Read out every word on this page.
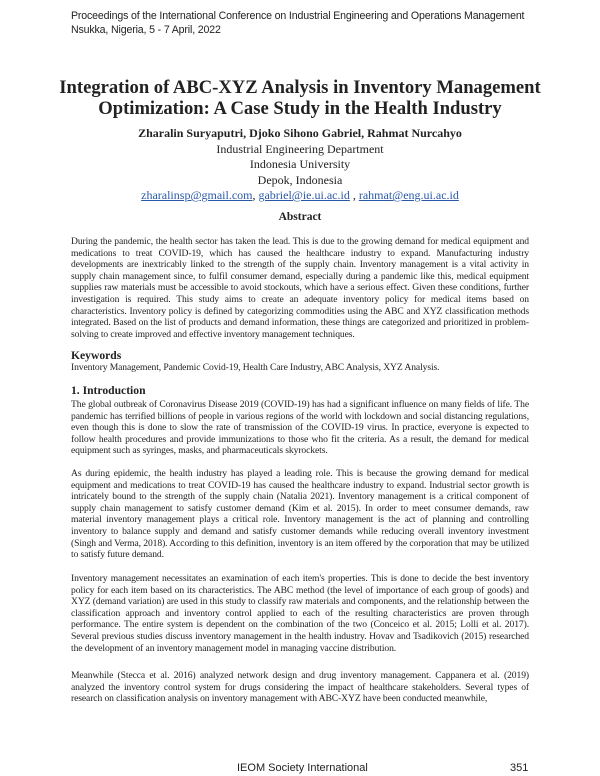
Proceedings of the International Conference on Industrial Engineering and Operations Management
Nsukka, Nigeria, 5 - 7 April, 2022
Integration of ABC-XYZ Analysis in Inventory Management
Optimization: A Case Study in the Health Industry
Zharalin Suryaputri, Djoko Sihono Gabriel, Rahmat Nurcahyo
Industrial Engineering Department
Indonesia University
Depok, Indonesia
zharalinsp@gmail.com, gabriel@ie.ui.ac.id , rahmat@eng.ui.ac.id
Abstract

During the pandemic, the health sector has taken the lead. This is due to the growing demand for medical equipment and medications to treat COVID-19, which has caused the healthcare industry to expand. Manufacturing industry developments are inextricably linked to the strength of the supply chain. Inventory management is a vital activity in supply chain management since, to fulfil consumer demand, especially during a pandemic like this, medical equipment supplies raw materials must be accessible to avoid stockouts, which have a serious effect. Given these conditions, further investigation is required. This study aims to create an adequate inventory policy for medical items based on characteristics. Inventory policy is defined by categorizing commodities using the ABC and XYZ classification methods integrated. Based on the list of products and demand information, these things are categorized and prioritized in problem-solving to create improved and effective inventory management techniques.

Keywords

Inventory Management, Pandemic Covid-19, Health Care Industry, ABC Analysis, XYZ Analysis.

1. Introduction

The global outbreak of Coronavirus Disease 2019 (COVID-19) has had a significant influence on many fields of life. The pandemic has terrified billions of people in various regions of the world with lockdown and social distancing regulations, even though this is done to slow the rate of transmission of the COVID-19 virus. In practice, everyone is expected to follow health procedures and provide immunizations to those who fit the criteria. As a result, the demand for medical equipment such as syringes, masks, and pharmaceuticals skyrockets.

As during epidemic, the health industry has played a leading role. This is because the growing demand for medical equipment and medications to treat COVID-19 has caused the healthcare industry to expand. Industrial sector growth is intricately bound to the strength of the supply chain (Natalia 2021). Inventory management is a critical component of supply chain management to satisfy customer demand (Kim et al. 2015). In order to meet consumer demands, raw material inventory management plays a critical role. Inventory management is the act of planning and controlling inventory to balance supply and demand and satisfy customer demands while reducing overall inventory investment (Singh and Verma, 2018). According to this definition, inventory is an item offered by the corporation that may be utilized to satisfy future demand.

Inventory management necessitates an examination of each item's properties. This is done to decide the best inventory policy for each item based on its characteristics. The ABC method (the level of importance of each group of goods) and XYZ (demand variation) are used in this study to classify raw materials and components, and the relationship between the classification approach and inventory control applied to each of the resulting characteristics are proven through performance. The entire system is dependent on the combination of the two (Conceico et al. 2015; Lolli et al. 2017). Several previous studies discuss inventory management in the health industry. Hovav and Tsadikovich (2015) researched the development of an inventory management model in managing vaccine distribution.

Meanwhile (Stecca et al. 2016) analyzed network design and drug inventory management. Cappanera et al. (2019) analyzed the inventory control system for drugs considering the impact of healthcare stakeholders. Several types of research on classification analysis on inventory management with ABC-XYZ have been conducted meanwhile,

IEOM Society International	351
